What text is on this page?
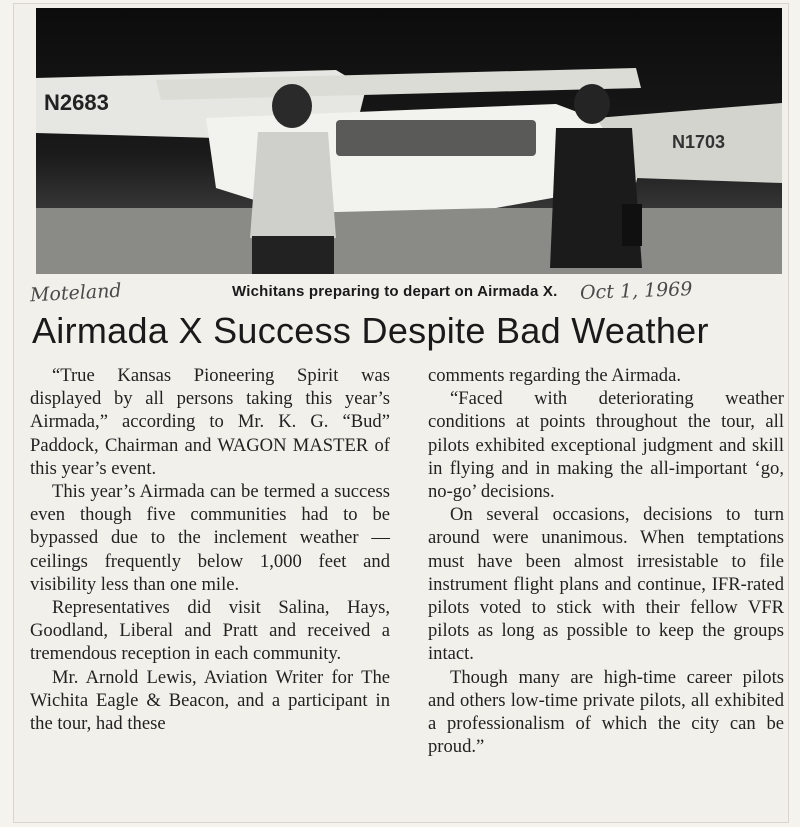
N2683
N1703
Moteland	Wichitans preparing to depart on Airmada X. Oct 1, 1969
Airmada X Success Despite Bad Weather

“True Kansas Pioneering Spirit was displayed by all persons taking this year’s Airmada,” according to Mr. K. G. “Bud” Paddock, Chairman and WAGON MASTER of this year’s event.

This year’s Airmada can be termed a success even though five communities had to be bypassed due to the inclement weather — ceilings frequently below 1,000 feet and visibility less than one mile.

Representatives did visit Salina, Hays, Goodland, Liberal and Pratt and received a tremendous reception in each community.

Mr. Arnold Lewis, Aviation Writer for The Wichita Eagle & Beacon, and a participant in the tour, had these

comments regarding the Airmada.

“Faced with deteriorating weather conditions at points throughout the tour, all pilots exhibited exceptional judgment and skill in flying and in making the all-important ‘go, no-go’ decisions.

On several occasions, decisions to turn around were unanimous. When temptations must have been almost irresistable to file instrument flight plans and continue, IFR-rated pilots voted to stick with their fellow VFR pilots as long as possible to keep the groups intact.

Though many are high-time career pilots and others low-time private pilots, all exhibited a professionalism of which the city can be proud.”
